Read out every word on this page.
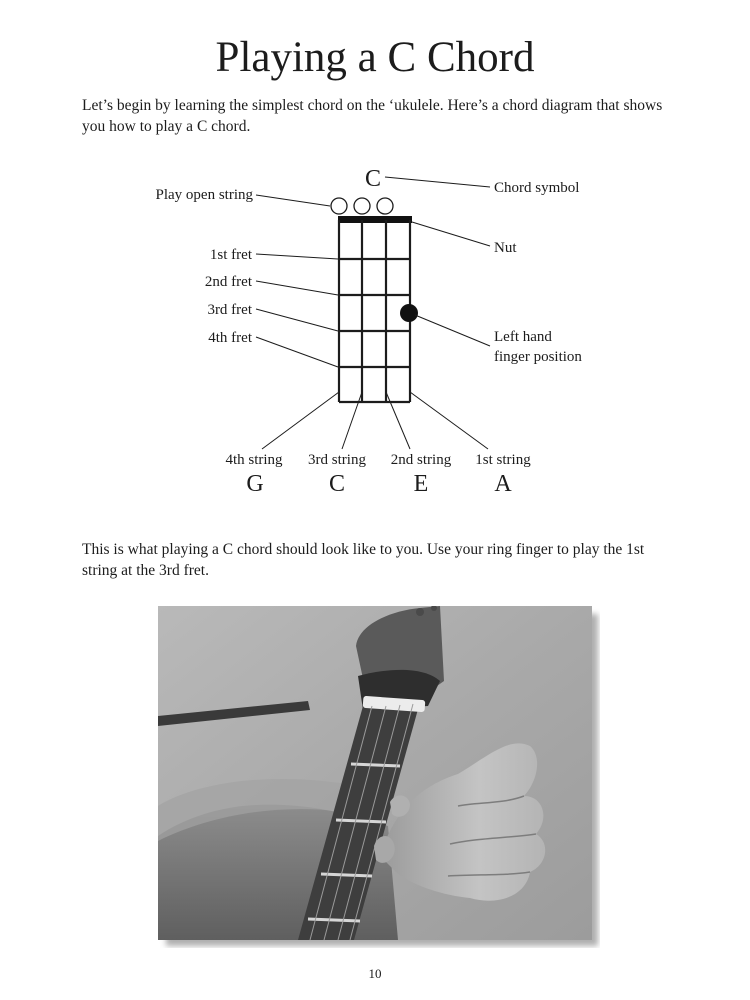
Playing a C Chord
Let’s begin by learning the simplest chord on the ‘ukulele. Here’s a chord diagram that shows you how to play a C chord.
C	Chord symbol
Play open string
Nut
1st fret
2nd fret
3rd fret
4th fret	Left hand
finger position
4th string 3rd string 2nd string 1st string
G	C	E	A
This is what playing a C chord should look like to you. Use your ring finger to play the 1st string at the 3rd fret.
10
